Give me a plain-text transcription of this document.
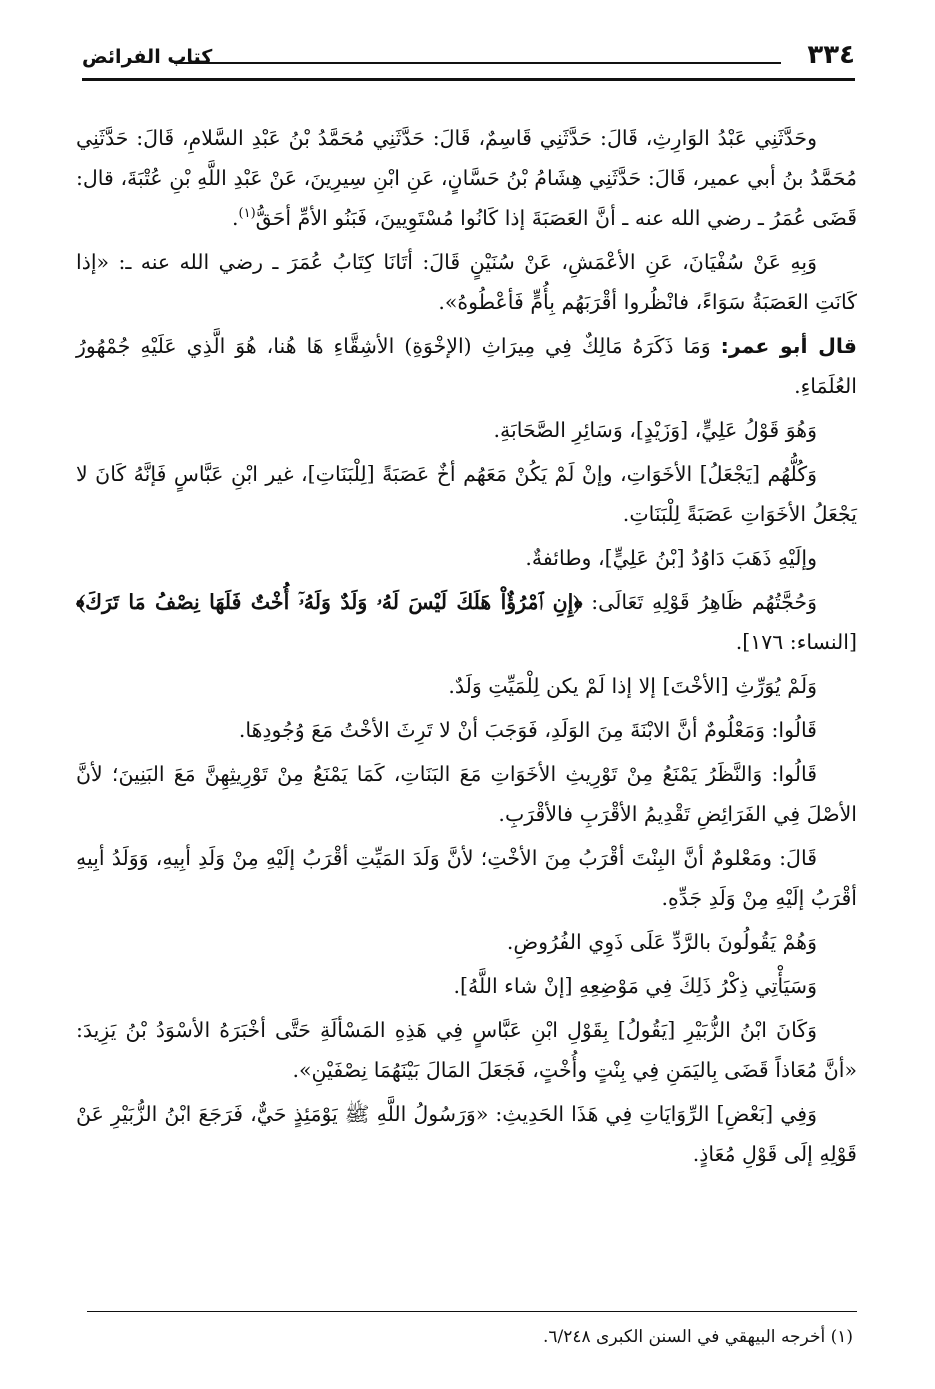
٣٣٤
كتاب الفرائض

وحَدَّثَنِي عَبْدُ الوَارِثِ، قَالَ: حَدَّثَنِي قَاسِمٌ، قَالَ: حَدَّثَنِي مُحَمَّدُ بْنُ عَبْدِ السَّلامِ، قَالَ: حَدَّثَنِي مُحَمَّدُ بنُ أبي عمير، قَالَ: حَدَّثَنِي هِشَامُ بْنُ حَسَّانٍ، عَنِ ابْنِ سِيرِينَ، عَنْ عَبْدِ اللَّهِ بْنِ عُتْبَةَ، قال: قَضَى عُمَرُ ـ رضي الله عنه ـ أنَّ العَصَبَةَ إذا كَانُوا مُسْتَوِيينَ، فَبَنُو الأمِّ أحَقُّ$^{(١)}$.

وَبِهِ عَنْ سُفْيَانَ، عَنِ الأعْمَشِ، عَنْ سُنَيْنٍ قَالَ: أتَانَا كِتَابُ عُمَرَ ـ رضي الله عنه ـ: «إذا كَانَتِ العَصَبَةُ سَوَاءً، فانْظُروا أقْرَبَهُم بِأُمٍّ فَأعْطُوهُ».

قال أبو عمر: وَمَا ذَكَرَهُ مَالِكٌ فِي مِيرَاثِ (الإخْوَةِ) الأشِقَّاءِ هَا هُنا، هُوَ الَّذِي عَلَيْهِ جُمْهُورُ العُلَمَاءِ.

وَهُوَ قَوْلُ عَلِيٍّ، [وَزَيْدٍ]، وَسَائِرِ الصَّحَابَةِ.

وَكُلُّهُم [يَجْعَلُ] الأخَوَاتِ، وإنْ لَمْ يَكُنْ مَعَهُم أخٌ عَصَبَةً [لِلْبَنَاتِ]، غير ابْنِ عَبَّاسٍ فَإنَّهُ كَانَ لا يَجْعَلُ الأخَوَاتِ عَصَبَةً لِلْبَنَاتِ.

وإلَيْهِ ذَهَبَ دَاوُدُ [بْنُ عَلِيٍّ]، وطائفةٌ.

وَحُجَّتُهُم ظَاهِرُ قَوْلِهِ تَعَالَى: ﴿إِنِ ٱمْرُؤٌاْ هَلَكَ لَيْسَ لَهُۥ وَلَدٌ وَلَهُۥٓ أُخْتٌ فَلَهَا نِصْفُ مَا تَرَكَ﴾ [النساء: ١٧٦].

وَلَمْ يُوَرِّثِ [الأخْتَ] إلا إذا لَمْ يكن لِلْمَيِّتِ وَلَدٌ.

قَالُوا: وَمَعْلُومٌ أنَّ الابْنَةَ مِنَ الوَلَدِ، فَوَجَبَ أنْ لا تَرِثَ الأخْتُ مَعَ وُجُودِهَا.

قَالُوا: وَالنَّظَرُ يَمْنَعُ مِنْ تَوْرِيثِ الأخَوَاتِ مَعَ البَنَاتِ، كَمَا يَمْنَعُ مِنْ تَوْرِيثِهِنَّ مَعَ البَنِينَ؛ لأنَّ الأصْلَ فِي الفَرَائِضِ تَقْدِيمُ الأقْرَبِ فالأقْرَبِ.

قَالَ: ومَعْلومٌ أنَّ البِنْتَ أقْرَبُ مِنَ الأخْتِ؛ لأنَّ وَلَدَ المَيِّتِ أقْرَبُ إلَيْهِ مِنْ وَلَدِ أبِيهِ، وَوَلَدُ أبِيهِ أقْرَبُ إلَيْهِ مِنْ وَلَدِ جَدِّهِ.

وَهُمْ يَقُولُونَ بالرَّدِّ عَلَى ذَوِي الفُرُوضِ.

وَسَيَأْتِي ذِكْرُ ذَلِكَ فِي مَوْضِعِهِ [إنْ شاء اللَّهُ].

وَكَانَ ابْنُ الزُّبَيْرِ [يَقُولُ] بِقَوْلِ ابْنِ عَبَّاسٍ فِي هَذِهِ المَسْألَةِ حَتَّى أخْبَرَهُ الأسْوَدُ بْنُ يَزِيدَ: «أنَّ مُعَاذاً قَضَى بِاليَمَنِ فِي بِنْتٍ وأُخْتٍ، فَجَعَلَ المَالَ بَيْنَهُمَا نِصْفَيْنِ».

وَفِي [بَعْضِ] الرِّوَايَاتِ فِي هَذَا الحَدِيثِ: «وَرَسُولُ اللَّهِ ﷺ يَوْمَئِذٍ حَيٌّ، فَرَجَعَ ابْنُ الزُّبَيْرِ عَنْ قَوْلِهِ إلَى قَوْلِ مُعَاذٍ.

(١) أخرجه البيهقي في السنن الكبرى ٦/٢٤٨.
